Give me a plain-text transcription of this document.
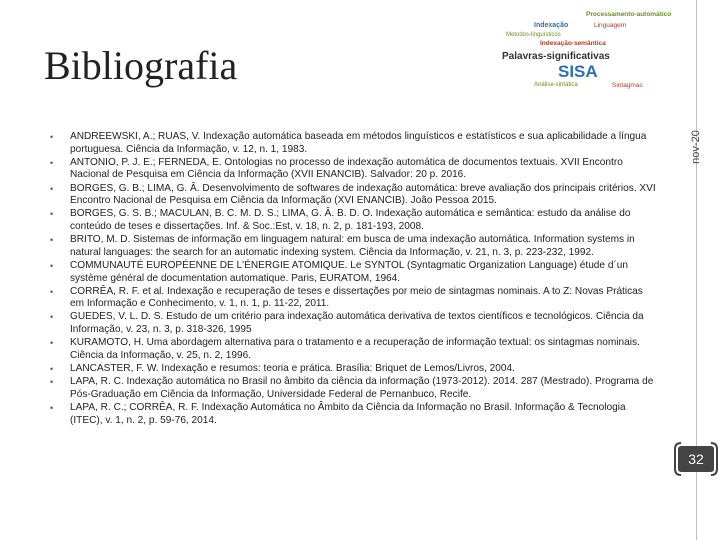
Bibliografia
Processamento-automático
Indexação	Linguagem
Metodos-linguísticos
Indexação-semântica
Palavras-significativas
SISA
Análise-sintática	Sintagmas
nov-20
32
• ANDREEWSKI, A.; RUAS, V. Indexação automática baseada em métodos linguísticos e estatísticos e sua aplicabilidade a língua portuguesa. Ciência da Informação, v. 12, n. 1, 1983.
• ANTONIO, P. J. E.; FERNEDA, E. Ontologias no processo de indexação automática de documentos textuais. XVII Encontro Nacional de Pesquisa em Ciência da Informação (XVII ENANCIB). Salvador: 20 p. 2016.
• BORGES, G. B.; LIMA, G. Â. Desenvolvimento de softwares de indexação automática: breve avaliação dos principais critérios. XVI Encontro Nacional de Pesquisa em Ciência da Informação (XVI ENANCIB). João Pessoa 2015.
• BORGES, G. S. B.; MACULAN, B. C. M. D. S.; LIMA, G. Â. B. D. O. Indexação automática e semântica: estudo da análise do conteúdo de teses e dissertações. Inf. & Soc.:Est, v. 18, n. 2, p. 181-193, 2008.
• BRITO, M. D. Sistemas de informação em linguagem natural: em busca de uma indexação automática. Information systems in natural languages: the search for an automatic indexing system. Ciência da Informação, v. 21, n. 3, p. 223-232, 1992.
• COMMUNAUTÉ EUROPÉENNE DE L'ÉNERGIE ATOMIQUE. Le SYNTOL (Syntagmatic Organization Language) étude d´un système général de documentation automatique. Paris, EURATOM, 1964.
• CORRÊA, R. F. et al. Indexação e recuperação de teses e dissertações por meio de sintagmas nominais. A to Z: Novas Práticas em Informação e Conhecimento, v. 1, n. 1, p. 11-22, 2011.
• GUEDES, V. L. D. S. Estudo de um critério para indexação automática derivativa de textos científicos e tecnológicos. Ciência da Informação, v. 23, n. 3, p. 318-326, 1995
• KURAMOTO, H. Uma abordagem alternativa para o tratamento e a recuperação de informação textual: os sintagmas nominais. Ciência da Informação, v. 25, n. 2, 1996.
• LANCASTER, F. W. Indexação e resumos: teoria e prática. Brasília: Briquet de Lemos/Livros, 2004.
• LAPA, R. C. Indexação automática no Brasil no âmbito da ciência da informação (1973-2012). 2014. 287 (Mestrado). Programa de Pós-Graduação em Ciência da Informação, Universidade Federal de Pernanbuco, Recife.
• LAPA, R. C.; CORRÊA, R. F. Indexação Automática no Âmbito da Ciência da Informação no Brasil. Informação & Tecnologia (ITEC), v. 1, n. 2, p. 59-76, 2014.
